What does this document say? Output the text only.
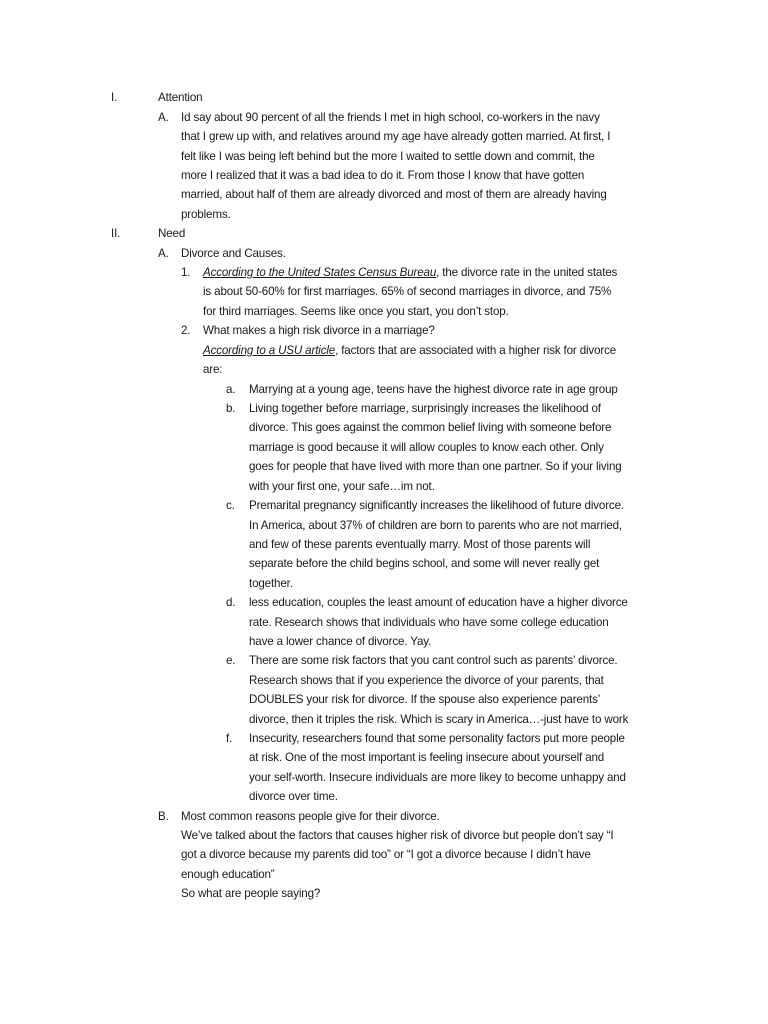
I.	Attention
A. Id say about 90 percent of all the friends I met in high school, co-workers in the navy
that I grew up with, and relatives around my age have already gotten married. At first, I
felt like I was being left behind but the more I waited to settle down and commit, the
more I realized that it was a bad idea to do it. From those I know that have gotten
married, about half of them are already divorced and most of them are already having
problems.
II.	Need
A. Divorce and Causes.
1. According to the United States Census Bureau, the divorce rate in the united states
is about 50-60% for first marriages. 65% of second marriages in divorce, and 75%
for third marriages. Seems like once you start, you don’t stop.
2. What makes a high risk divorce in a marriage?
According to a USU article, factors that are associated with a higher risk for divorce
are:
a. Marrying at a young age, teens have the highest divorce rate in age group
b. Living together before marriage, surprisingly increases the likelihood of
divorce. This goes against the common belief living with someone before
marriage is good because it will allow couples to know each other. Only
goes for people that have lived with more than one partner. So if your living
with your first one, your safe…im not.
c. Premarital pregnancy significantly increases the likelihood of future divorce.
In America, about 37% of children are born to parents who are not married,
and few of these parents eventually marry. Most of those parents will
separate before the child begins school, and some will never really get
together.
d. less education, couples the least amount of education have a higher divorce
rate. Research shows that individuals who have some college education
have a lower chance of divorce. Yay.
e. There are some risk factors that you cant control such as parents’ divorce.
Research shows that if you experience the divorce of your parents, that
DOUBLES your risk for divorce. If the spouse also experience parents’
divorce, then it triples the risk. Which is scary in America…-just have to work
f. Insecurity, researchers found that some personality factors put more people
at risk. One of the most important is feeling insecure about yourself and
your self-worth. Insecure individuals are more likey to become unhappy and
divorce over time.
B. Most common reasons people give for their divorce.
We’ve talked about the factors that causes higher risk of divorce but people don’t say “I
got a divorce because my parents did too” or “I got a divorce because I didn’t have
enough education”
So what are people saying?
